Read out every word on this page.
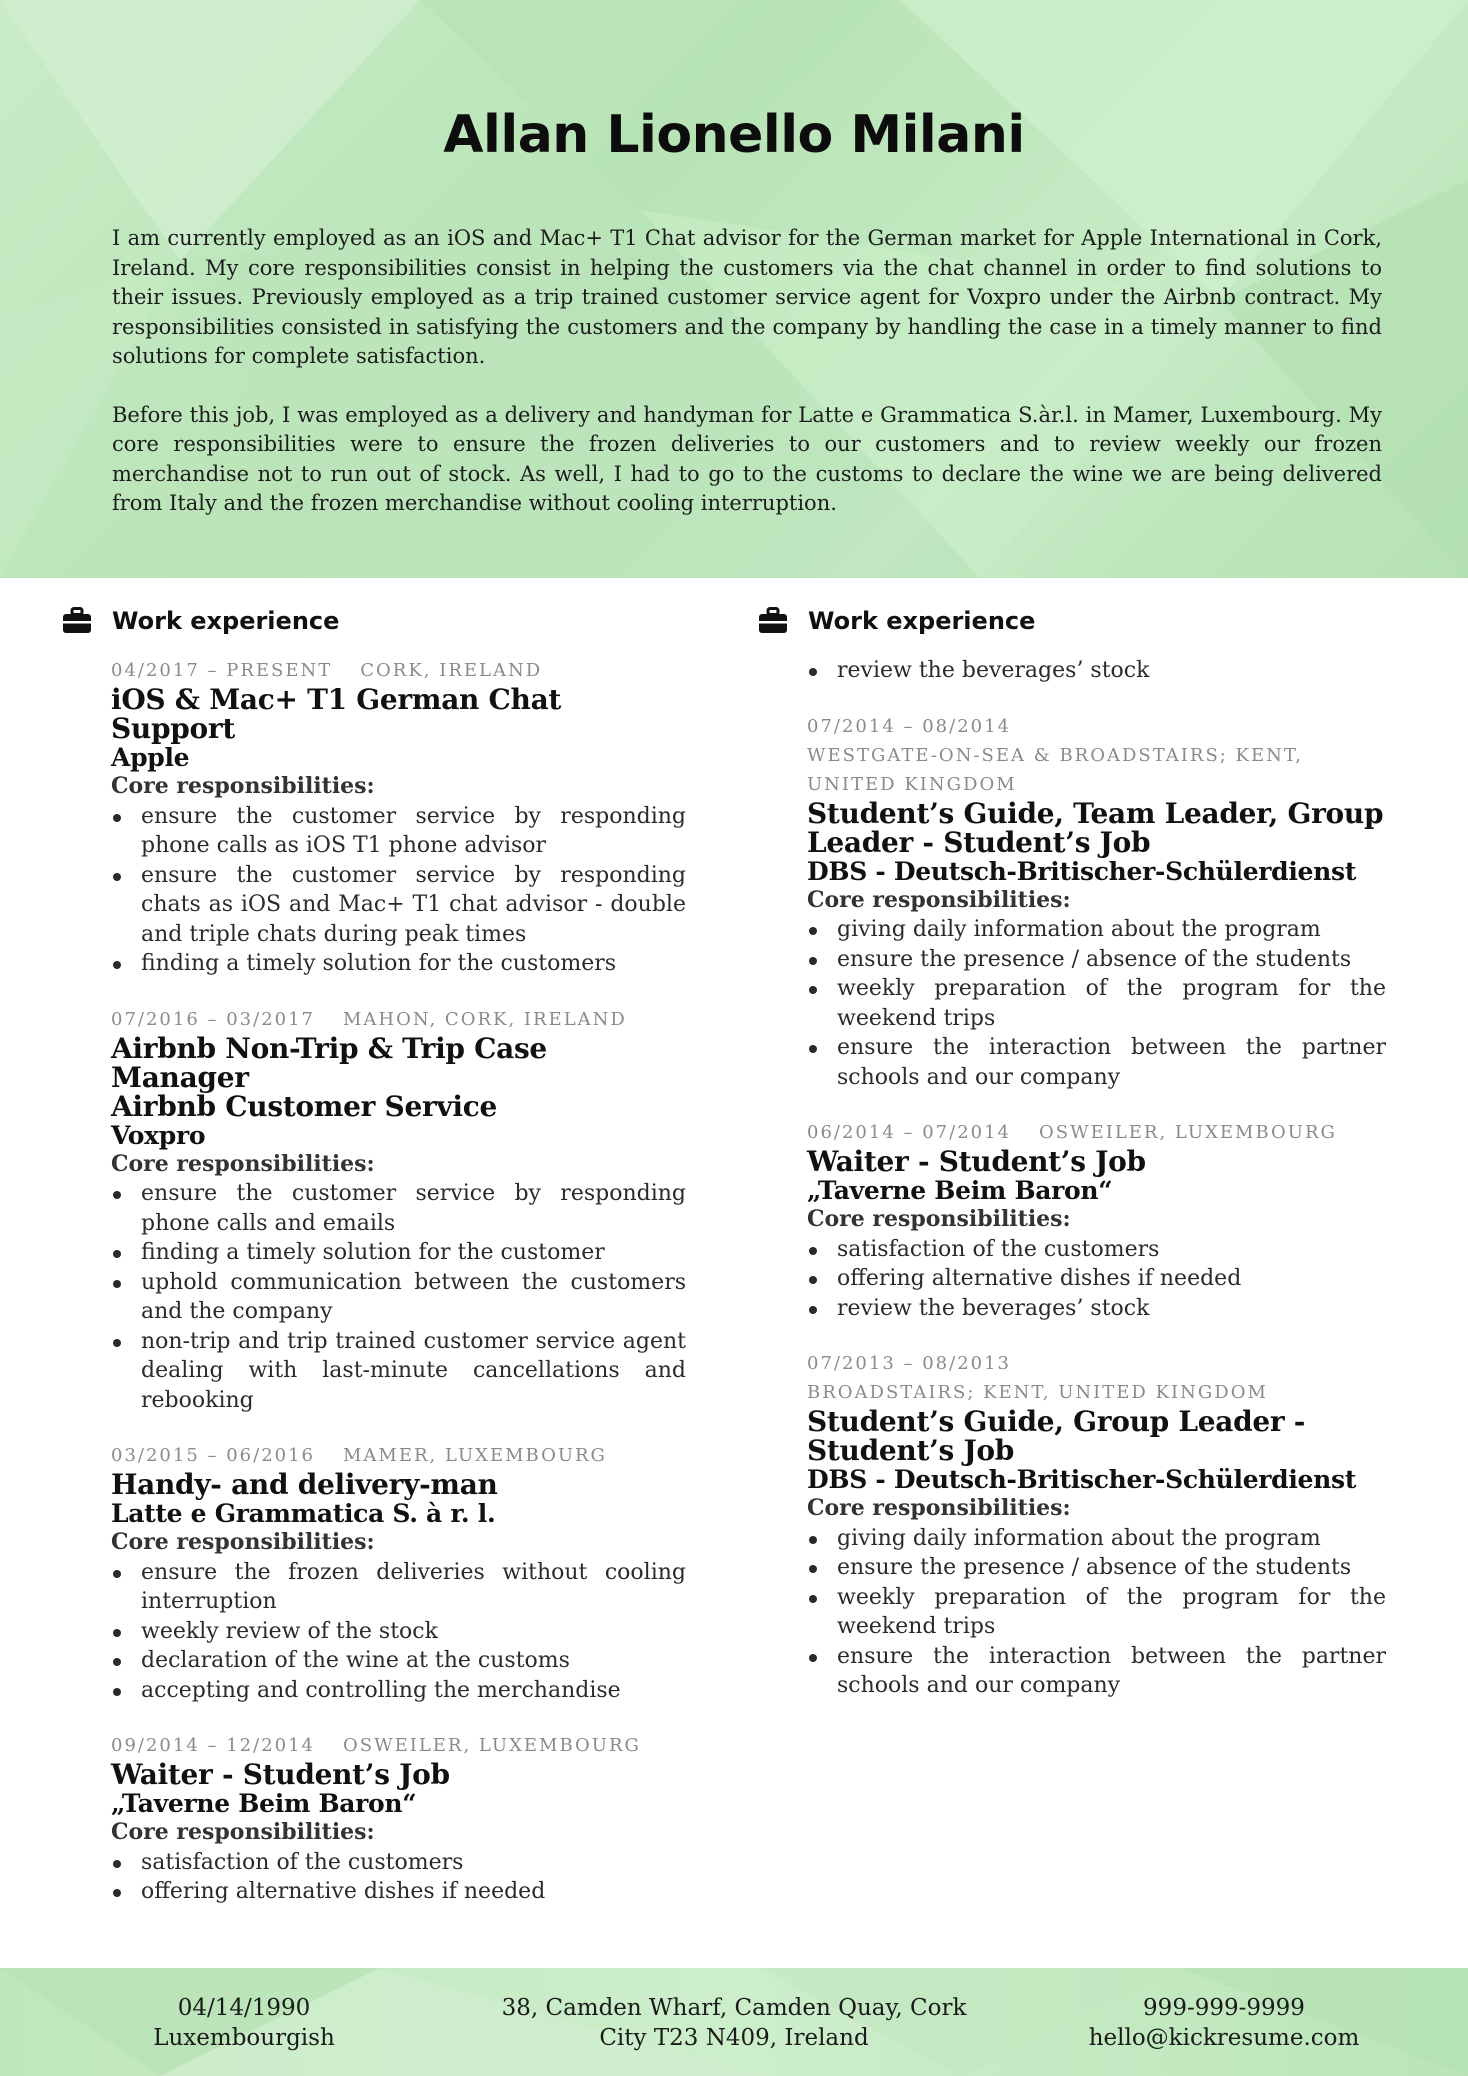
Allan Lionello Milani

I am currently employed as an iOS and Mac+ T1 Chat advisor for the German market for Apple International in Cork, Ireland. My core responsibilities consist in helping the customers via the chat channel in order to find solutions to their issues. Previously employed as a trip trained customer service agent for Voxpro under the Airbnb contract. My responsibilities consisted in satisfying the customers and the company by handling the case in a timely manner to find solutions for complete satisfaction.

Before this job, I was employed as a delivery and handyman for Latte e Grammatica S.àr.l. in Mamer, Luxembourg. My core responsibilities were to ensure the frozen deliveries to our customers and to review weekly our frozen merchandise not to run out of stock. As well, I had to go to the customs to declare the wine we are being delivered from Italy and the frozen merchandise without cooling interruption.

Work experience
04/2017 – PRESENT CORK, IRELAND
iOS & Mac+ T1 German Chat Support
Apple
Core responsibilities:
ensure the customer service by responding phone calls as iOS T1 phone advisor
ensure the customer service by responding chats as iOS and Mac+ T1 chat advisor - double and triple chats during peak times
finding a timely solution for the customers
07/2016 – 03/2017 MAHON, CORK, IRELAND
Airbnb Non-Trip & Trip Case Manager
Airbnb Customer Service
Voxpro
Core responsibilities:
ensure the customer service by responding phone calls and emails
finding a timely solution for the customer
uphold communication between the customers and the company
non-trip and trip trained customer service agent dealing with last-minute cancellations and rebooking
03/2015 – 06/2016 MAMER, LUXEMBOURG
Handy- and delivery-man
Latte e Grammatica S. à r. l.
Core responsibilities:
ensure the frozen deliveries without cooling interruption
weekly review of the stock
declaration of the wine at the customs
accepting and controlling the merchandise
09/2014 – 12/2014 OSWEILER, LUXEMBOURG
Waiter - Student’s Job
„Taverne Beim Baron“
Core responsibilities:
satisfaction of the customers
offering alternative dishes if needed
Work experience
review the beverages’ stock
07/2014 – 08/2014
WESTGATE-ON-SEA & BROADSTAIRS; KENT, UNITED KINGDOM
Student’s Guide, Team Leader, Group Leader - Student’s Job
DBS - Deutsch-Britischer-Schülerdienst
Core responsibilities:
giving daily information about the program
ensure the presence / absence of the students
weekly preparation of the program for the weekend trips
ensure the interaction between the partner schools and our company
06/2014 – 07/2014 OSWEILER, LUXEMBOURG
Waiter - Student’s Job
„Taverne Beim Baron“
Core responsibilities:
satisfaction of the customers
offering alternative dishes if needed
review the beverages’ stock
07/2013 – 08/2013
BROADSTAIRS; KENT, UNITED KINGDOM
Student’s Guide, Group Leader - Student’s Job
DBS - Deutsch-Britischer-Schülerdienst
Core responsibilities:
giving daily information about the program
ensure the presence / absence of the students
weekly preparation of the program for the weekend trips
ensure the interaction between the partner schools and our company
04/14/1990
Luxembourgish
38, Camden Wharf, Camden Quay, Cork
City T23 N409, Ireland
999-999-9999
hello@kickresume.com
